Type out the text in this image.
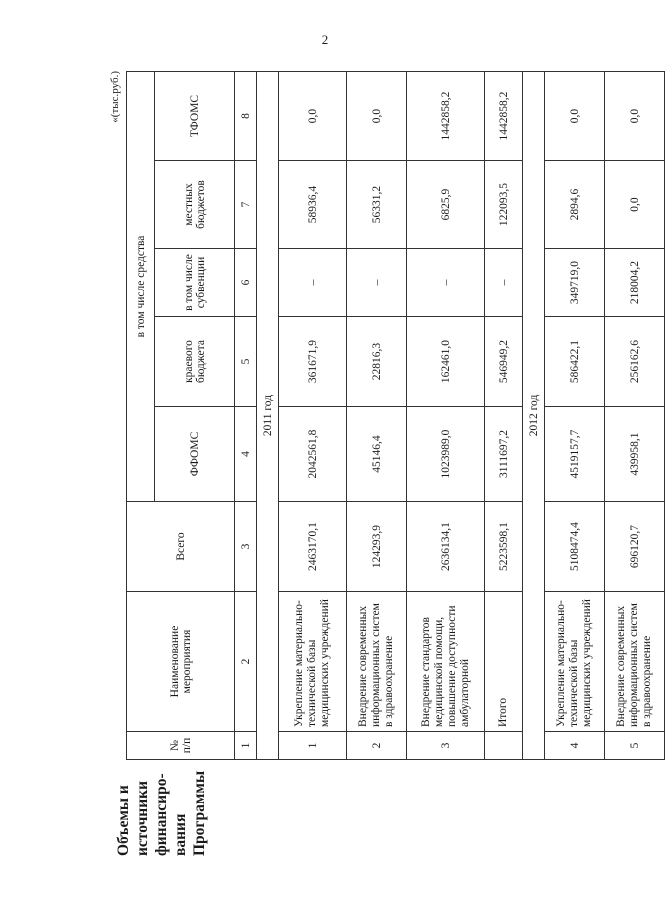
2
«(тыс.руб.)
Объемы и источники финансиро-вания Программы
№ п/п	Наименование мероприятия	Всего	в том числе средства				
			ФФОМС	краевого бюджета	в том числе субвенции	местных бюджетов	ТФОМС
1	2	3	4	5	6	7	8
2011 год							
1	Укрепление материально-технической базы медицинских учреждений	2463170,1	2042561,8	361671,9	–	58936,4	0,0
2	Внедрение современных информационных систем в здравоохранение	124293,9	45146,4	22816,3	–	56331,2	0,0
3	Внедрение стандартов медицинской помощи, повышение доступности амбулаторной	2636134,1	1023989,0	162461,0	–	6825,9	1442858,2
	Итого	5223598,1	3111697,2	546949,2	–	122093,5	1442858,2
2012 год							
4	Укрепление материально-технической базы медицинских учреждений	5108474,4	4519157,7	586422,1	349719,0	2894,6	0,0
5	Внедрение современных информационных систем в здравоохранение	696120,7	439958,1	256162,6	218004,2	0,0	0,0
